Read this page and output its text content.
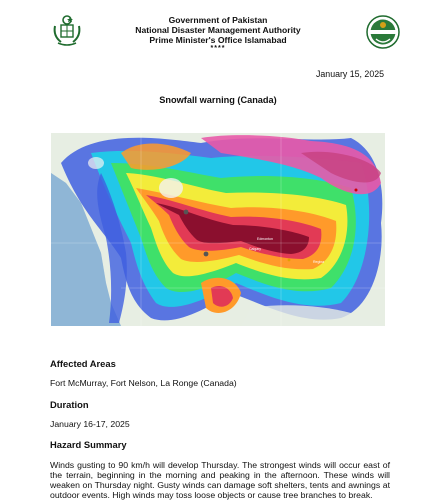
Government of Pakistan
National Disaster Management Authority
Prime Minister's Office Islamabad
****
January 15, 2025
Snowfall warning (Canada)
Edmonton
Calgary
Regina
Affected Areas
Fort McMurray, Fort Nelson, La Ronge (Canada)
Duration
January 16-17, 2025
Hazard Summary
Winds gusting to 90 km/h will develop Thursday. The strongest winds will occur east of the terrain, beginning in the morning and peaking in the afternoon. These winds will weaken on Thursday night. Gusty winds can damage soft shelters, tents and awnings at outdoor events. High winds may toss loose objects or cause tree branches to break.
